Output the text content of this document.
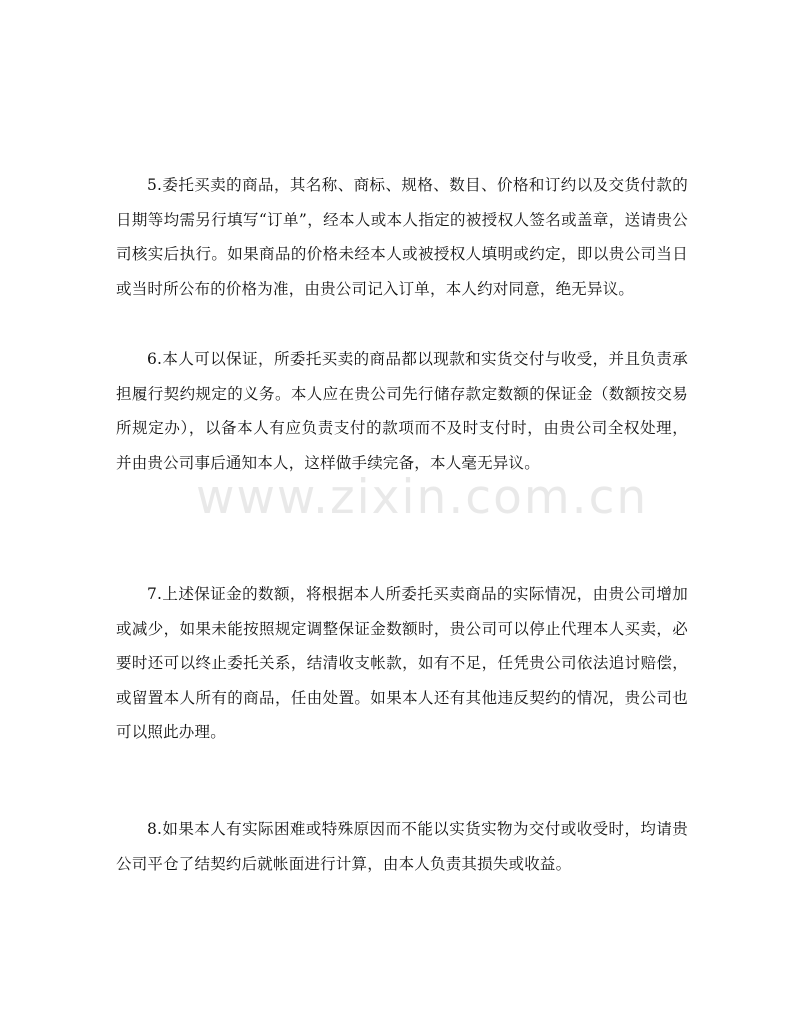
5.委托买卖的商品，其名称、商标、规格、数目、价格和订约以及交货付款的日期等均需另行填写“订单”，经本人或本人指定的被授权人签名或盖章，送请贵公司核实后执行。如果商品的价格未经本人或被授权人填明或约定，即以贵公司当日或当时所公布的价格为准，由贵公司记入订单，本人约对同意，绝无异议。

6.本人可以保证，所委托买卖的商品都以现款和实货交付与收受，并且负责承担履行契约规定的义务。本人应在贵公司先行储存款定数额的保证金（数额按交易所规定办），以备本人有应负责支付的款项而不及时支付时，由贵公司全权处理，并由贵公司事后通知本人，这样做手续完备，本人毫无异议。

7.上述保证金的数额，将根据本人所委托买卖商品的实际情况，由贵公司增加或减少，如果未能按照规定调整保证金数额时，贵公司可以停止代理本人买卖，必要时还可以终止委托关系，结清收支帐款，如有不足，任凭贵公司依法追讨赔偿，或留置本人所有的商品，任由处置。如果本人还有其他违反契约的情况，贵公司也可以照此办理。

8.如果本人有实际困难或特殊原因而不能以实货实物为交付或收受时，均请贵公司平仓了结契约后就帐面进行计算，由本人负责其损失或收益。

www.zixin.com.cn
